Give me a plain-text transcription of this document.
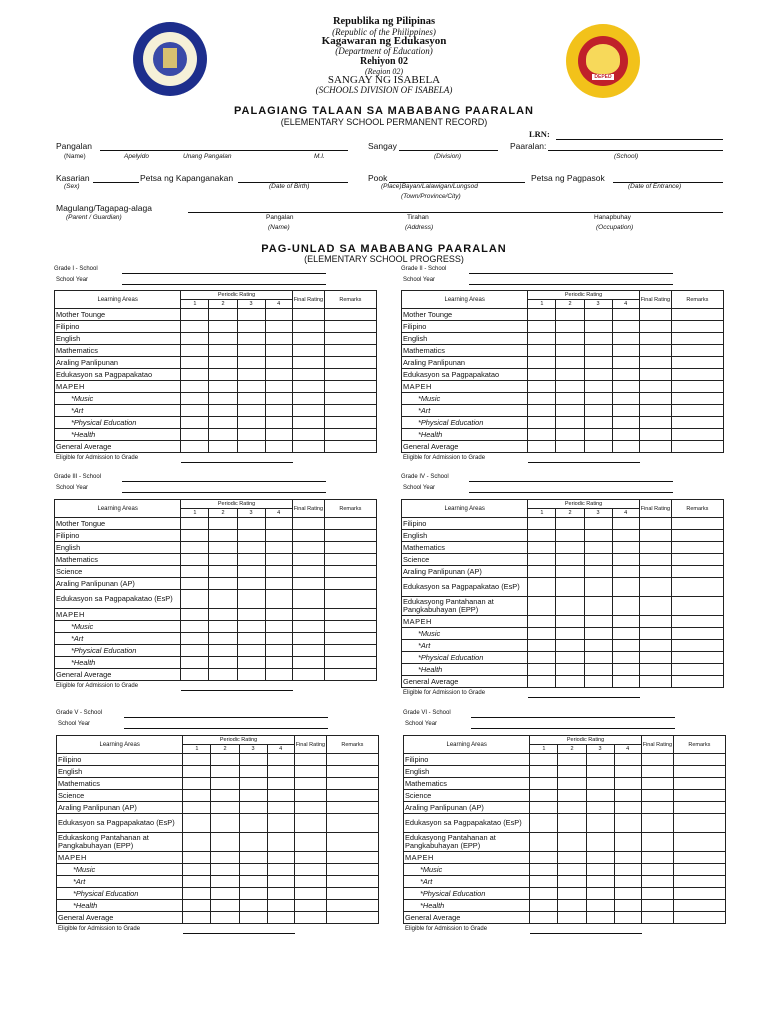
DEPED
Republika ng Pilipinas
(Republic of the Philippines)
Kagawaran ng Edukasyon
(Department of Education)
Rehiyon 02
(Region 02)
SANGAY NG ISABELA
(SCHOOLS DIVISION OF ISABELA)
PALAGIANG TALAAN SA MABABANG PAARALAN
(ELEMENTARY SCHOOL PERMANENT RECORD)
LRN:
Pangalan
(Name)	Apelyido	Unang Pangalan	M.I.
Sangay
(Division)
Paaralan:
(School)
Kasarian
(Sex)
Petsa ng Kapanganakan
(Date of Birth)
Pook
(Place)Bayan/Lalawigan/Lungsod
(Town/Province/City)
Petsa ng Pagpasok
(Date of Entrance)
Magulang/Tagapag-alaga
(Parent / Guardian)	Pangalan
(Name)
Tirahan
(Address)
Hanapbuhay
(Occupation)
PAG-UNLAD SA MABABANG PAARALAN
(ELEMENTARY SCHOOL PROGRESS)
Grade I - School
School Year
Learning Areas	Periodic Rating				Final Rating	Remarks
	1	2	3	4		
Mother Tounge						
Filipino						
English						
Mathematics						
Araling Panlipunan						
Edukasyon sa Pagpapakatao						
MAPEH						
*Music						
*Art						
*Physical Education						
*Health						
General Average						
Grade II - School
School Year
Learning Areas	Periodic Rating				Final Rating	Remarks
	1	2	3	4		
Mother Tounge						
Filipino						
English						
Mathematics						
Araling Panlipunan						
Edukasyon sa Pagpapakatao						
MAPEH						
*Music						
*Art						
*Physical Education						
*Health						
General Average						
Grade III - School
School Year
Learning Areas	Periodic Rating				Final Rating	Remarks
	1	2	3	4		
Mother Tongue						
Filipino						
English						
Mathematics						
Science						
Araling Panlipunan (AP)						
Edukasyon sa Pagpapakatao (EsP)						
MAPEH						
*Music						
*Art						
*Physical Education						
*Health						
General Average						
Grade IV - School
School Year
Learning Areas	Periodic Rating				Final Rating	Remarks
	1	2	3	4		
Filipino						
English						
Mathematics						
Science						
Araling Panlipunan (AP)						
Edukasyon sa Pagpapakatao (EsP)						
Edukasyong Pantahanan at Pangkabuhayan (EPP)						
MAPEH						
*Music						
*Art						
*Physical Education						
*Health						
General Average						
Grade V - School
School Year
Learning Areas	Periodic Rating				Final Rating	Remarks
	1	2	3	4		
Filipino						
English						
Mathematics						
Science						
Araling Panlipunan (AP)						
Edukasyon sa Pagpapakatao (EsP)						
Edukaskong Pantahanan at Pangkabuhayan (EPP)						
MAPEH						
*Music						
*Art						
*Physical Education						
*Health						
General Average						
Grade VI - School
School Year
Learning Areas	Periodic Rating				Final Rating	Remarks
	1	2	3	4		
Filipino						
English						
Mathematics						
Science						
Araling Panlipunan (AP)						
Edukasyon sa Pagpapakatao (EsP)						
Edukasyong Pantahanan at Pangkabuhayan (EPP)						
MAPEH						
*Music						
*Art						
*Physical Education						
*Health						
General Average						
Eligible for Admission to Grade	Eligible for Admission to Grade
Eligible for Admission to Grade
Eligible for Admission to Grade
Eligible for Admission to Grade	Eligible for Admission to Grade
